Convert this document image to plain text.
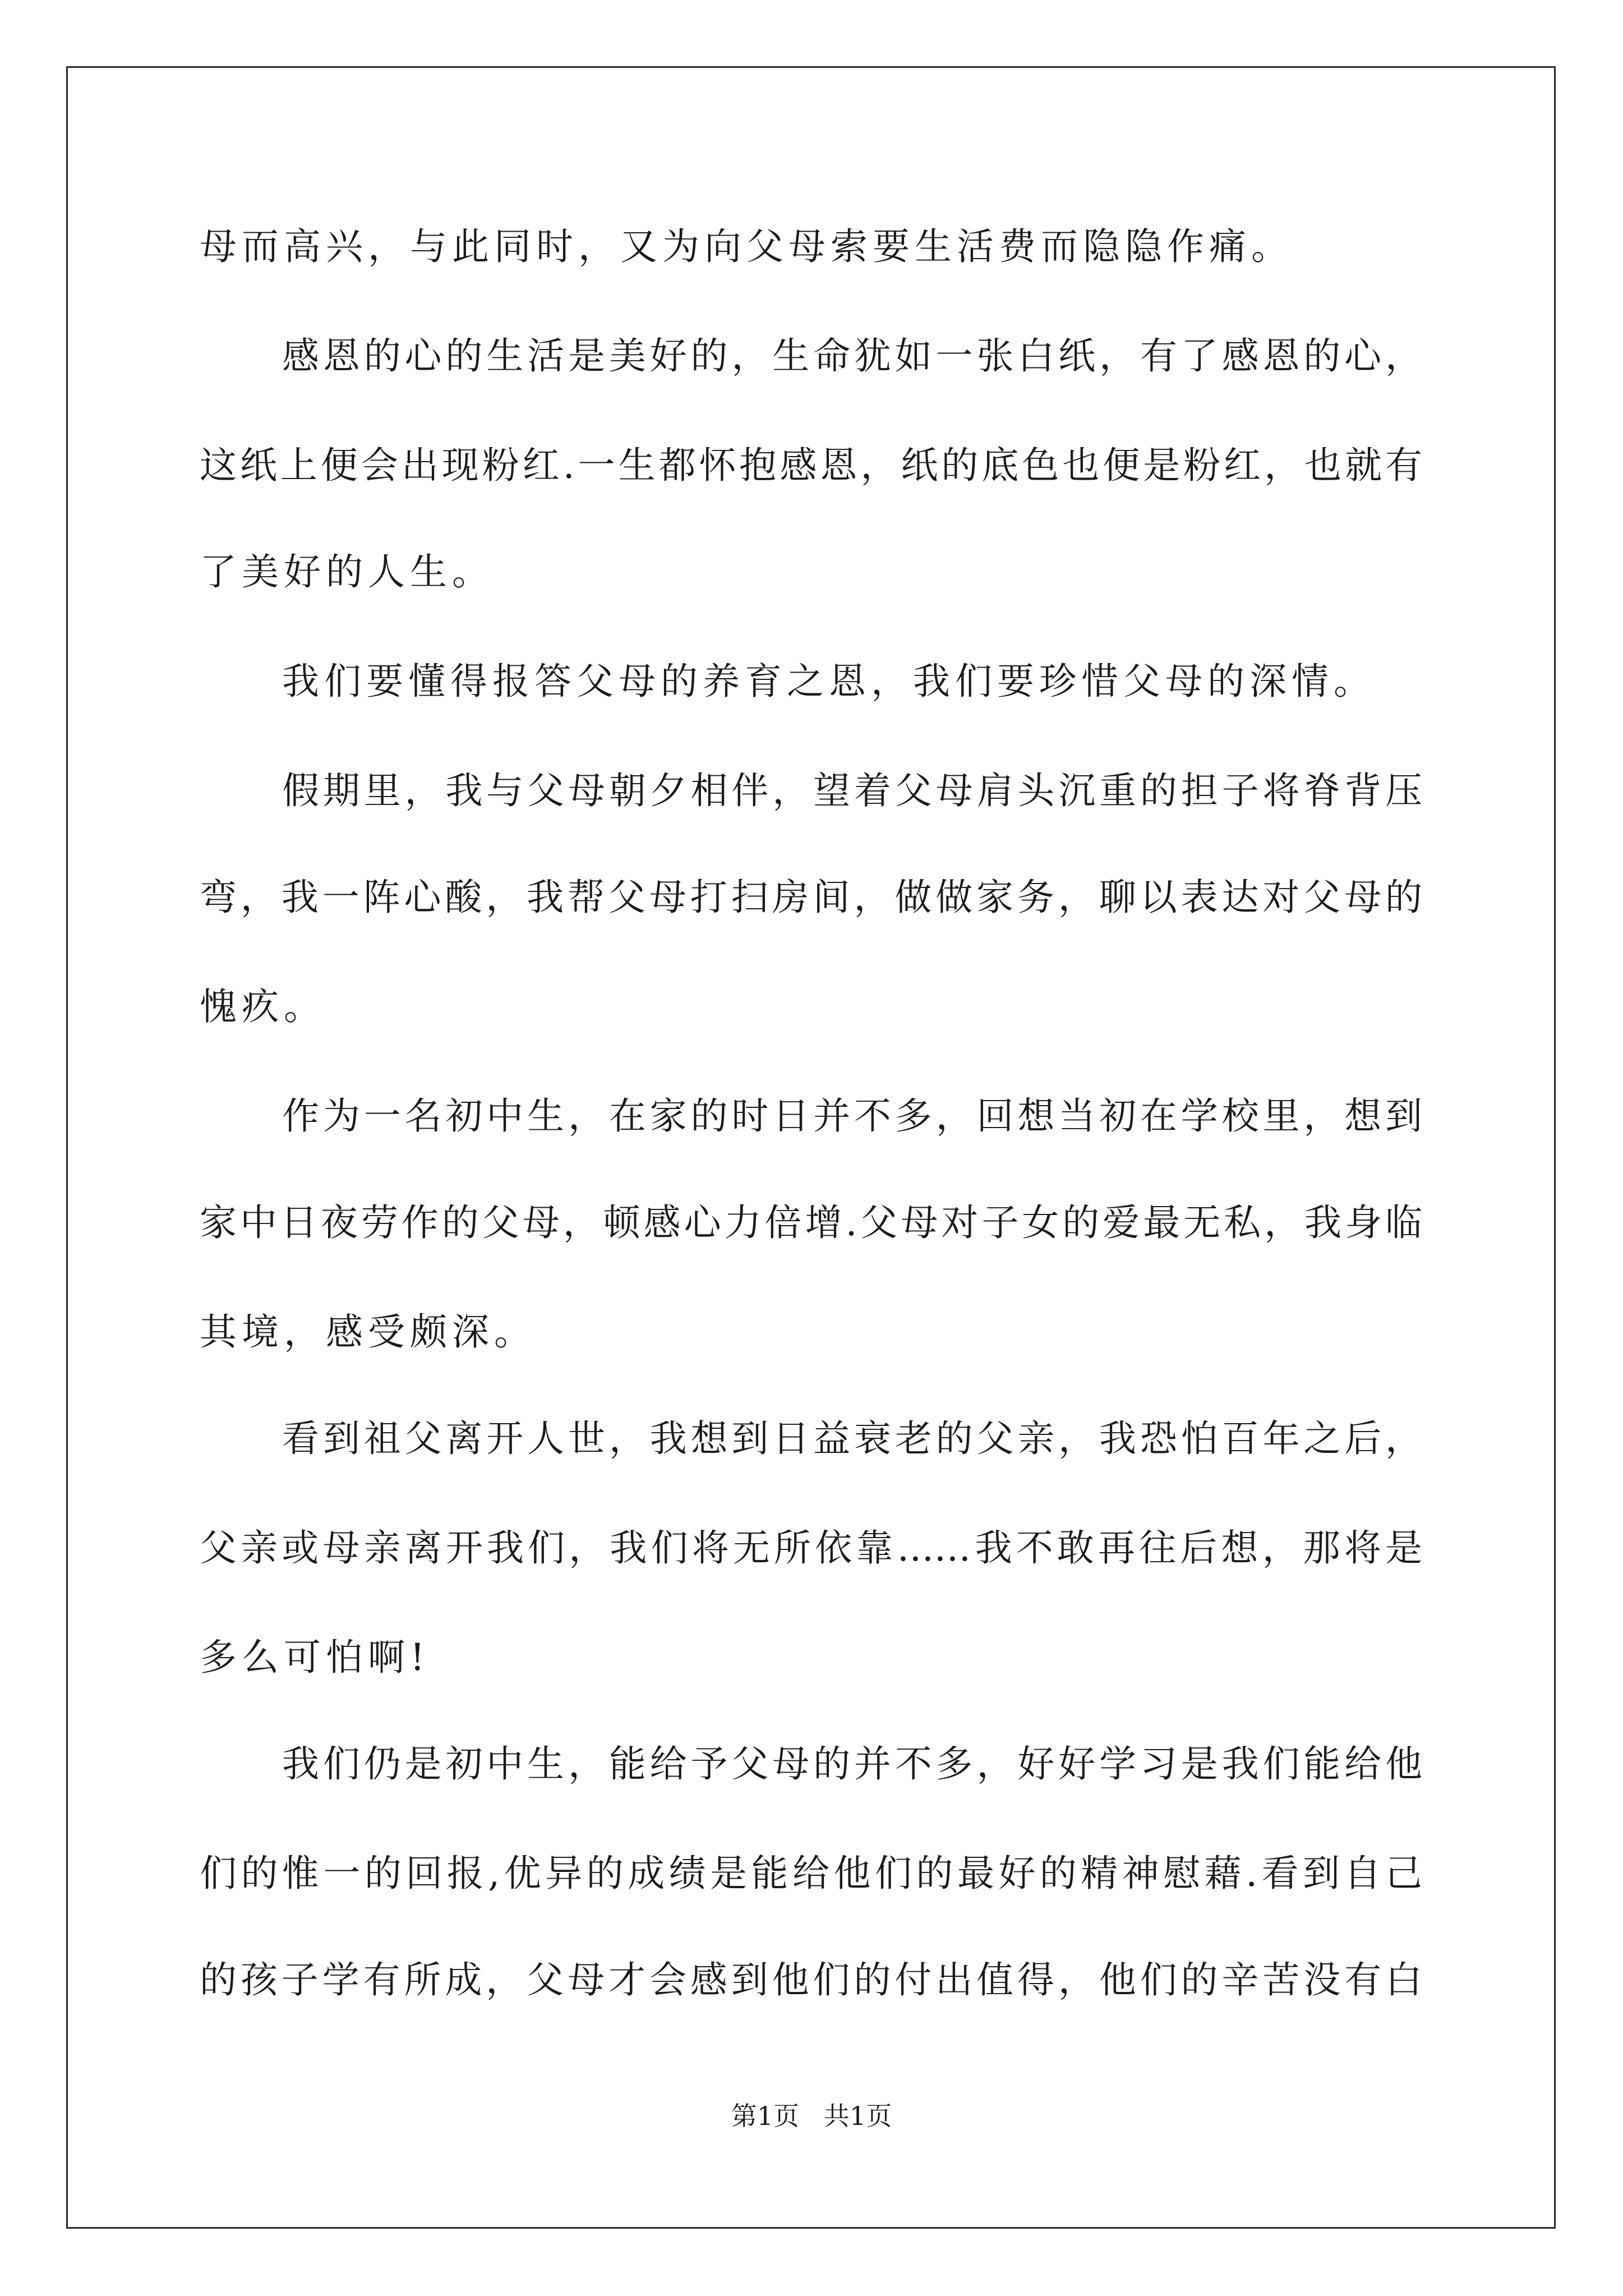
母而高兴，与此同时，又为向父母索要生活费而隐隐作痛。
感恩的心的生活是美好的，生命犹如一张白纸，有了感恩的心，
这纸上便会出现粉红.一生都怀抱感恩，纸的底色也便是粉红，也就有
了美好的人生。
我们要懂得报答父母的养育之恩，我们要珍惜父母的深情。
假期里，我与父母朝夕相伴，望着父母肩头沉重的担子将脊背压
弯，我一阵心酸，我帮父母打扫房间，做做家务，聊以表达对父母的
愧疚。
作为一名初中生，在家的时日并不多，回想当初在学校里，想到
家中日夜劳作的父母，顿感心力倍增.父母对子女的爱最无私，我身临
其境，感受颇深。
看到祖父离开人世，我想到日益衰老的父亲，我恐怕百年之后，
父亲或母亲离开我们，我们将无所依靠……我不敢再往后想，那将是
多么可怕啊!
我们仍是初中生，能给予父母的并不多，好好学习是我们能给他
们的惟一的回报,优异的成绩是能给他们的最好的精神慰藉.看到自己
的孩子学有所成，父母才会感到他们的付出值得，他们的辛苦没有白
第1页   共1页
